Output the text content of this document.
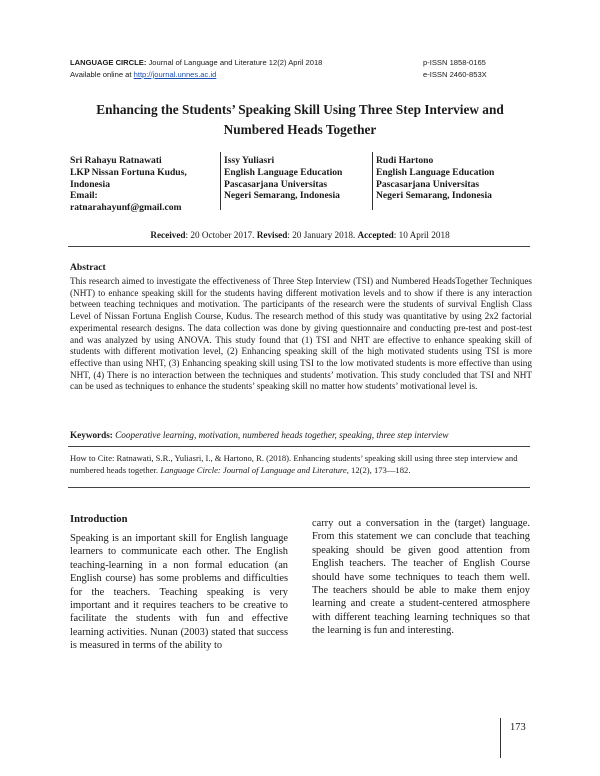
LANGUAGE CIRCLE: Journal of Language and Literature 12(2) April 2018
Available online at http://journal.unnes.ac.id
p-ISSN 1858-0165
e-ISSN 2460-853X
Enhancing the Students’ Speaking Skill Using Three Step Interview and
Numbered Heads Together
Sri Rahayu Ratnawati
LKP Nissan Fortuna Kudus,
Indonesia
Email:
ratnarahayunf@gmail.com
Issy Yuliasri
English Language Education
Pascasarjana Universitas
Negeri Semarang, Indonesia
Rudi Hartono
English Language Education
Pascasarjana Universitas
Negeri Semarang, Indonesia
Received: 20 October 2017. Revised: 20 January 2018. Accepted: 10 April 2018
Abstract
This research aimed to investigate the effectiveness of Three Step Interview (TSI) and Numbered HeadsTogether Techniques (NHT) to enhance speaking skill for the students having different motivation levels and to show if there is any interaction between teaching techniques and motivation. The participants of the research were the students of survival English Class Level of Nissan Fortuna English Course, Kudus. The research method of this study was quantitative by using 2x2 factorial experimental research designs. The data collection was done by giving questionnaire and conducting pre-test and post-test and was analyzed by using ANOVA. This study found that (1) TSI and NHT are effective to enhance speaking skill of students with different motivation level, (2) Enhancing speaking skill of the high motivated students using TSI is more effective than using NHT, (3) Enhancing speaking skill using TSI to the low motivated students is more effective than using NHT, (4) There is no interaction between the techniques and students’ motivation. This study concluded that TSI and NHT can be used as techniques to enhance the students’ speaking skill no matter how students’ motivational level is.
Keywords: Cooperative learning, motivation, numbered heads together, speaking, three step interview
How to Cite: Ratnawati, S.R., Yuliasri, I., & Hartono, R. (2018). Enhancing students’ speaking skill using three step interview and numbered heads together. Language Circle: Journal of Language and Literature, 12(2), 173—182.
Introduction
Speaking is an important skill for English language learners to communicate each other. The English teaching-learning in a non formal education (an English course) has some problems and difficulties for the teachers. Teaching speaking is very important and it requires teachers to be creative to facilitate the students with fun and effective learning activities. Nunan (2003) stated that success is measured in terms of the ability to
carry out a conversation in the (target) language. From this statement we can conclude that teaching speaking should be given good attention from English teachers. The teacher of English Course should have some techniques to teach them well. The teachers should be able to make them enjoy learning and create a student-centered atmosphere with different teaching learning techniques so that the learning is fun and interesting.
173
